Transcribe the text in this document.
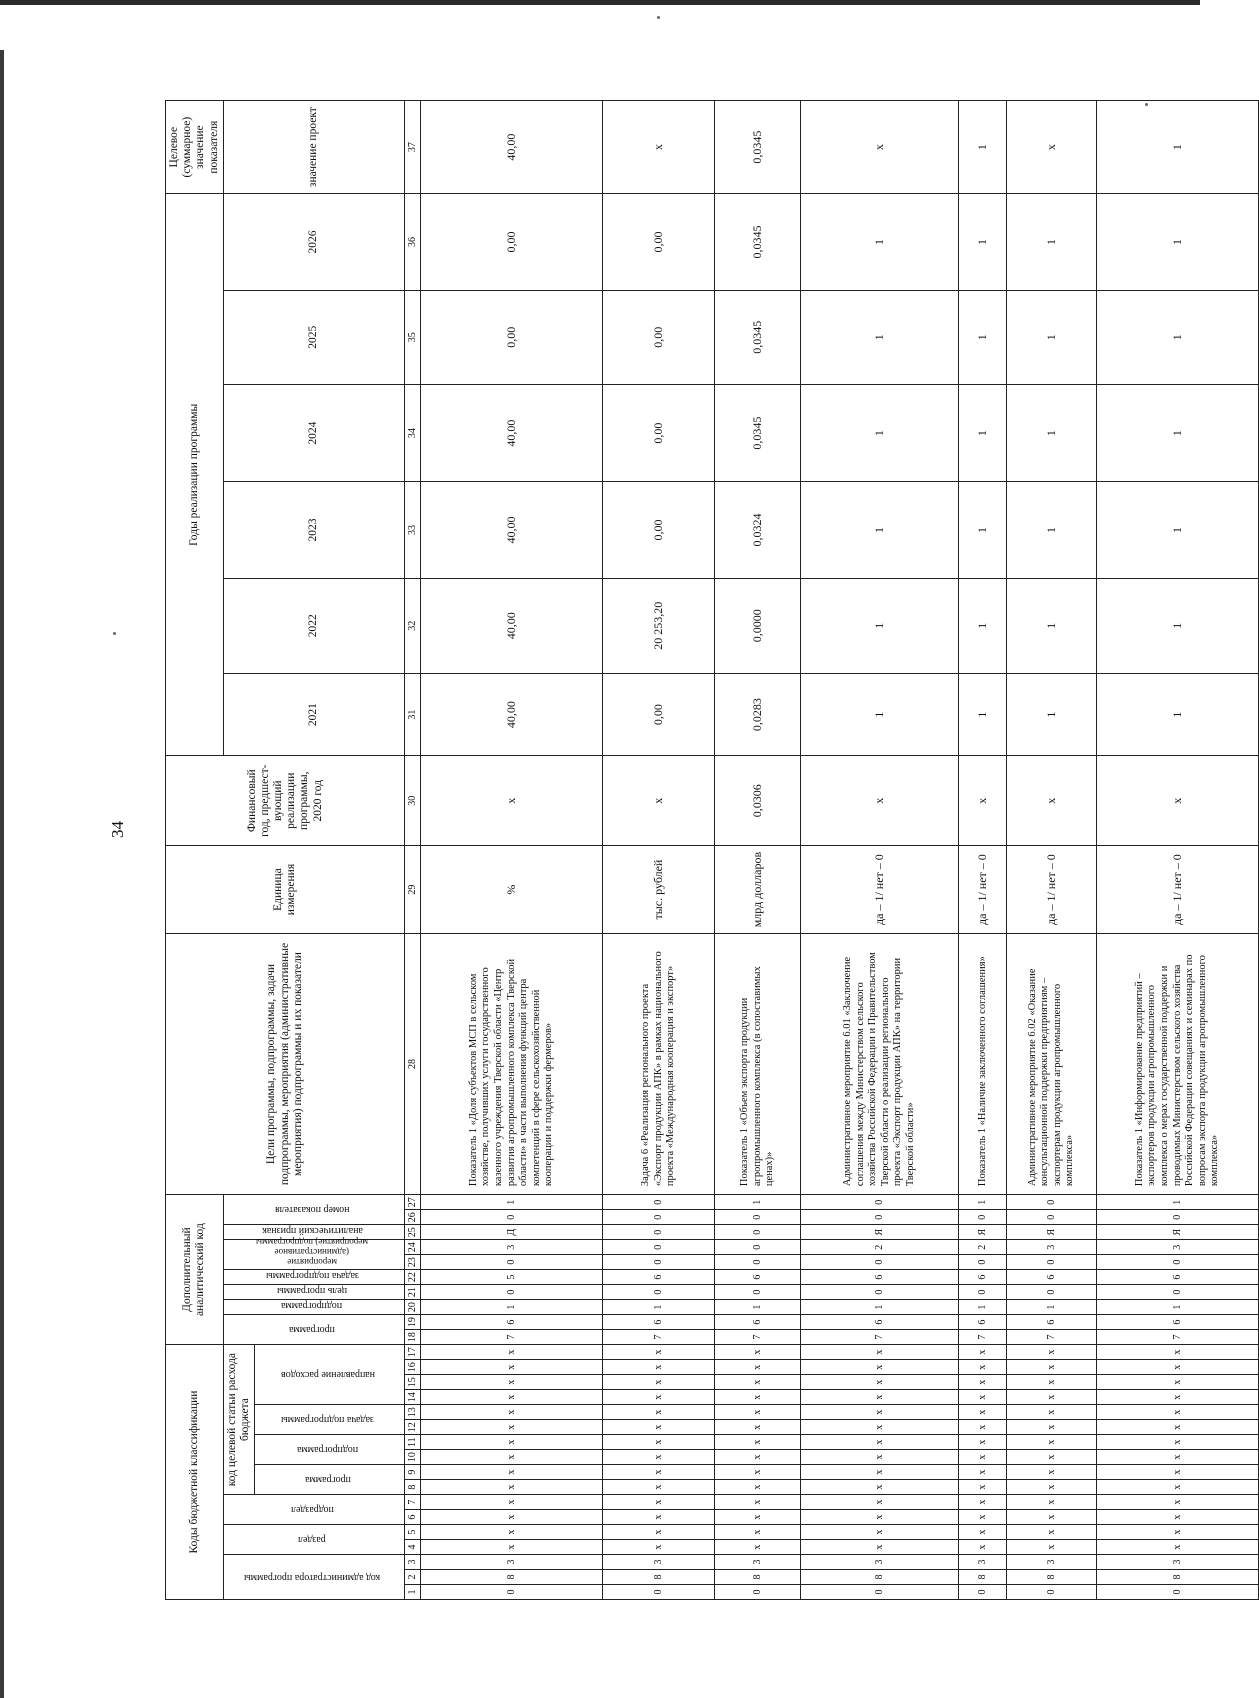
34
Коды бюджетной классификации																	Дополнительный аналитический код										Цели программы, подпрограммы, задачи подпрограммы, мероприятия (административные мероприятия) подпрограммы и их показатели	Единица измерения	Финансовый год, предшест-вующий реализации программы, 2020 год	Годы реализации программы						Целевое (суммарное) значение показателя
код администратора программы			раздел		подраздел		код целевой статьи расхода бюджета										программа		подпрограмма	цель программы	задача подпрограммы	мероприятие (административное мероприятие) подпрограммы		аналитический признак	номер показателя					2021	2022	2023	2024	2025	2026	значение проект
							программа		подпрограмма		задача подпрограммы		направление расходов																							
1	2	3	4	5	6	7	8	9	10	11	12	13	14	15	16	17	18	19	20	21	22	23	24	25	26	27	28	29	30	31	32	33	34	35	36	37
0	8	3	х	х	х	х	х	х	х	х	х	х	х	х	х	х	7	6	1	0	5	0	3	Д	0	1	Показатель 1 «Доля субъектов МСП в сельском хозяйстве, получивших услуги государственного казенного учреждения Тверской области «Центр развития агропромышленного комплекса Тверской области» в части выполнения функций центра компетенций в сфере сельскохозяйственной кооперации и поддержки фермеров»	%	х	40,00	40,00	40,00	40,00	0,00	0,00	40,00
0	8	3	х	х	х	х	х	х	х	х	х	х	х	х	х	х	7	6	1	0	6	0	0	0	0	0	Задача 6 «Реализация регионального проекта «Экспорт продукции АПК» в рамках национального проекта «Международная кооперация и экспорт»	тыс. рублей	х	0,00	20 253,20	0,00	0,00	0,00	0,00	х
0	8	3	х	х	х	х	х	х	х	х	х	х	х	х	х	х	7	6	1	0	6	0	0	0	0	1	Показатель 1 «Объем экспорта продукции агропромышленного комплекса (в сопоставимых ценах)»	млрд долларов	0,0306	0,0283	0,0000	0,0324	0,0345	0,0345	0,0345	0,0345
0	8	3	х	х	х	х	х	х	х	х	х	х	х	х	х	х	7	6	1	0	6	0	2	Я	0	0	Административное мероприятие 6.01 «Заключение соглашения между Министерством сельского хозяйства Российской Федерации и Правительством Тверской области о реализации регионального проекта «Экспорт продукции АПК» на территории Тверской области»	да – 1/ нет – 0	х	1	1	1	1	1	1	х
0	8	3	х	х	х	х	х	х	х	х	х	х	х	х	х	х	7	6	1	0	6	0	2	Я	0	1	Показатель 1 «Наличие заключенного соглашения»	да – 1/ нет – 0	х	1	1	1	1	1	1	1
0	8	3	х	х	х	х	х	х	х	х	х	х	х	х	х	х	7	6	1	0	6	0	3	Я	0	0	Административное мероприятие 6.02 «Оказание консультационной поддержки предприятиям – экспортерам продукции агропромышленного комплекса»	да – 1/ нет – 0	х	1	1	1	1	1	1	х
0	8	3	х	х	х	х	х	х	х	х	х	х	х	х	х	х	7	6	1	0	6	0	3	Я	0	1	Показатель 1 «Информирование предприятий – экспортеров продукции агропромышленного комплекса о мерах государственной поддержки и проводимых Министерством сельского хозяйства Российской Федерации совещаниях и семинарах по вопросам экспорта продукции агропромышленного комплекса»	да – 1/ нет – 0	х	1	1	1	1	1	1	1
